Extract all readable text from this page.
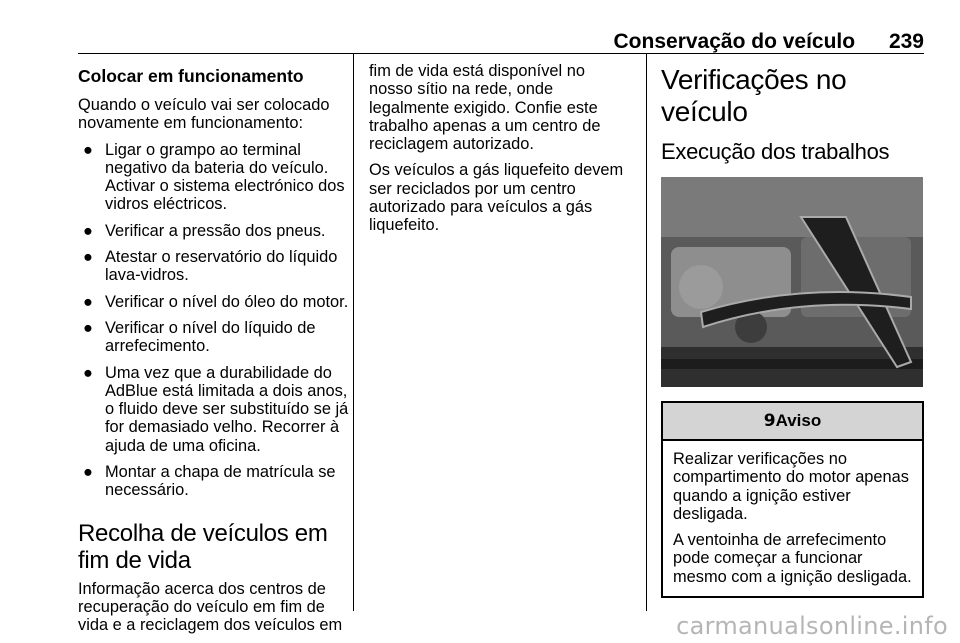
Conservação do veículo 239
Colocar em funcionamento

Quando o veículo vai ser colocado novamente em funcionamento:

● Ligar o grampo ao terminal negativo da bateria do veículo. Activar o sistema electrónico dos vidros eléctricos.
● Verificar a pressão dos pneus.
● Atestar o reservatório do líquido lava-vidros.
● Verificar o nível do óleo do motor.
● Verificar o nível do líquido de arrefecimento.
● Uma vez que a durabilidade do AdBlue está limitada a dois anos, o fluido deve ser substituído se já for demasiado velho. Recorrer à ajuda de uma oficina.
● Montar a chapa de matrícula se necessário.
Recolha de veículos em fim de vida

Informação acerca dos centros de recuperação do veículo em fim de vida e a reciclagem dos veículos em

fim de vida está disponível no nosso sítio na rede, onde legalmente exigido. Confie este trabalho apenas a um centro de reciclagem autorizado.

Os veículos a gás liquefeito devem ser reciclados por um centro autorizado para veículos a gás liquefeito.

Verificações no veículo
Execução dos trabalhos
9 Aviso

Realizar verificações no compartimento do motor apenas quando a ignição estiver desligada.

A ventoinha de arrefecimento pode começar a funcionar mesmo com a ignição desligada.

carmanualsonline.info
